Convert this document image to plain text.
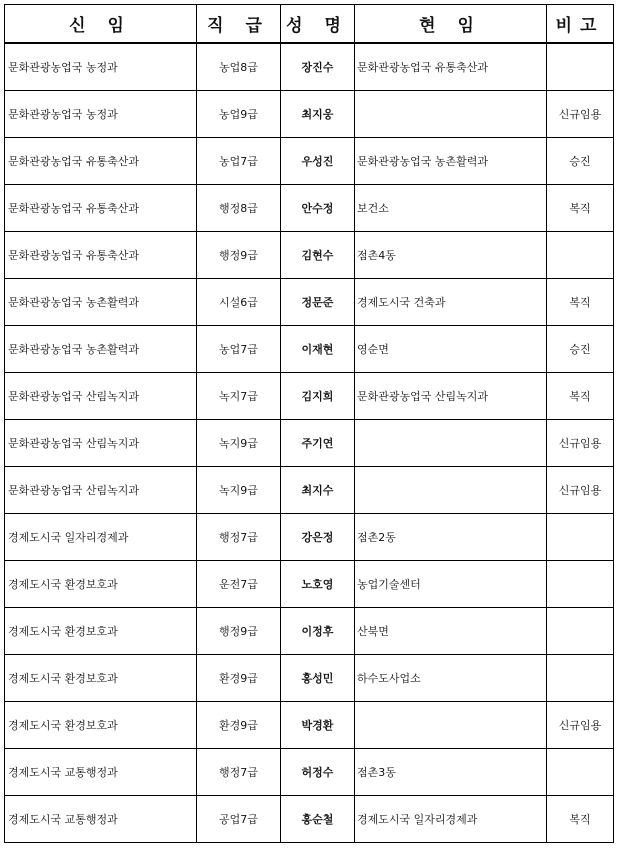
신 임	직 급	성 명	현 임	비고
문화관광농업국 농정과	농업8급	장진수	문화관광농업국 유통축산과	
문화관광농업국 농정과	농업9급	최지웅		신규임용
문화관광농업국 유통축산과	농업7급	우성진	문화관광농업국 농촌활력과	승진
문화관광농업국 유통축산과	행정8급	안수정	보건소	복직
문화관광농업국 유통축산과	행정9급	김현수	점촌4동	
문화관광농업국 농촌활력과	시설6급	정문준	경제도시국 건축과	복직
문화관광농업국 농촌활력과	농업7급	이재현	영순면	승진
문화관광농업국 산림녹지과	녹지7급	김지희	문화관광농업국 산림녹지과	복직
문화관광농업국 산림녹지과	녹지9급	주기연		신규임용
문화관광농업국 산림녹지과	녹지9급	최지수		신규임용
경제도시국 일자리경제과	행정7급	강은정	점촌2동	
경제도시국 환경보호과	운전7급	노호영	농업기술센터	
경제도시국 환경보호과	행정9급	이정후	산북면	
경제도시국 환경보호과	환경9급	홍성민	하수도사업소	
경제도시국 환경보호과	환경9급	박경환		신규임용
경제도시국 교통행정과	행정7급	허정수	점촌3동	
경제도시국 교통행정과	공업7급	홍순철	경제도시국 일자리경제과	복직
